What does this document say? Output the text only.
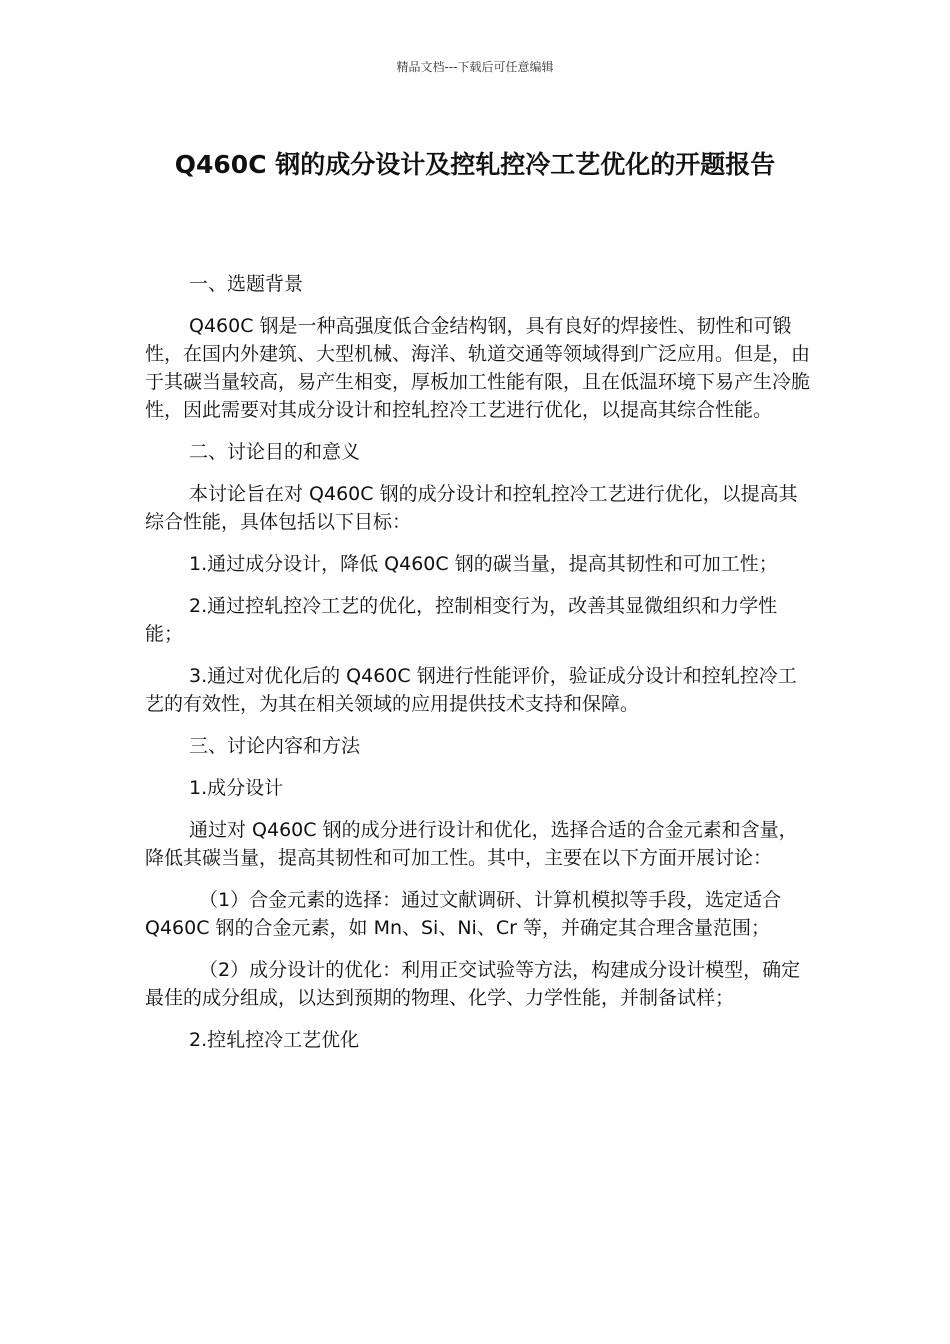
精品文档---下载后可任意编辑
Q460C 钢的成分设计及控轧控冷工艺优化的开题报告

一、选题背景

Q460C 钢是一种高强度低合金结构钢，具有良好的焊接性、韧性和可锻性，在国内外建筑、大型机械、海洋、轨道交通等领域得到广泛应用。但是，由于其碳当量较高，易产生相变，厚板加工性能有限，且在低温环境下易产生冷脆性，因此需要对其成分设计和控轧控冷工艺进行优化，以提高其综合性能。

二、讨论目的和意义

本讨论旨在对 Q460C 钢的成分设计和控轧控冷工艺进行优化，以提高其综合性能，具体包括以下目标：

1.通过成分设计，降低 Q460C 钢的碳当量，提高其韧性和可加工性；

2.通过控轧控冷工艺的优化，控制相变行为，改善其显微组织和力学性能；

3.通过对优化后的 Q460C 钢进行性能评价，验证成分设计和控轧控冷工艺的有效性，为其在相关领域的应用提供技术支持和保障。

三、讨论内容和方法

1.成分设计

通过对 Q460C 钢的成分进行设计和优化，选择合适的合金元素和含量，降低其碳当量，提高其韧性和可加工性。其中，主要在以下方面开展讨论：

（1）合金元素的选择：通过文献调研、计算机模拟等手段，选定适合 Q460C 钢的合金元素，如 Mn、Si、Ni、Cr 等，并确定其合理含量范围；

（2）成分设计的优化：利用正交试验等方法，构建成分设计模型，确定最佳的成分组成，以达到预期的物理、化学、力学性能，并制备试样；

2.控轧控冷工艺优化
